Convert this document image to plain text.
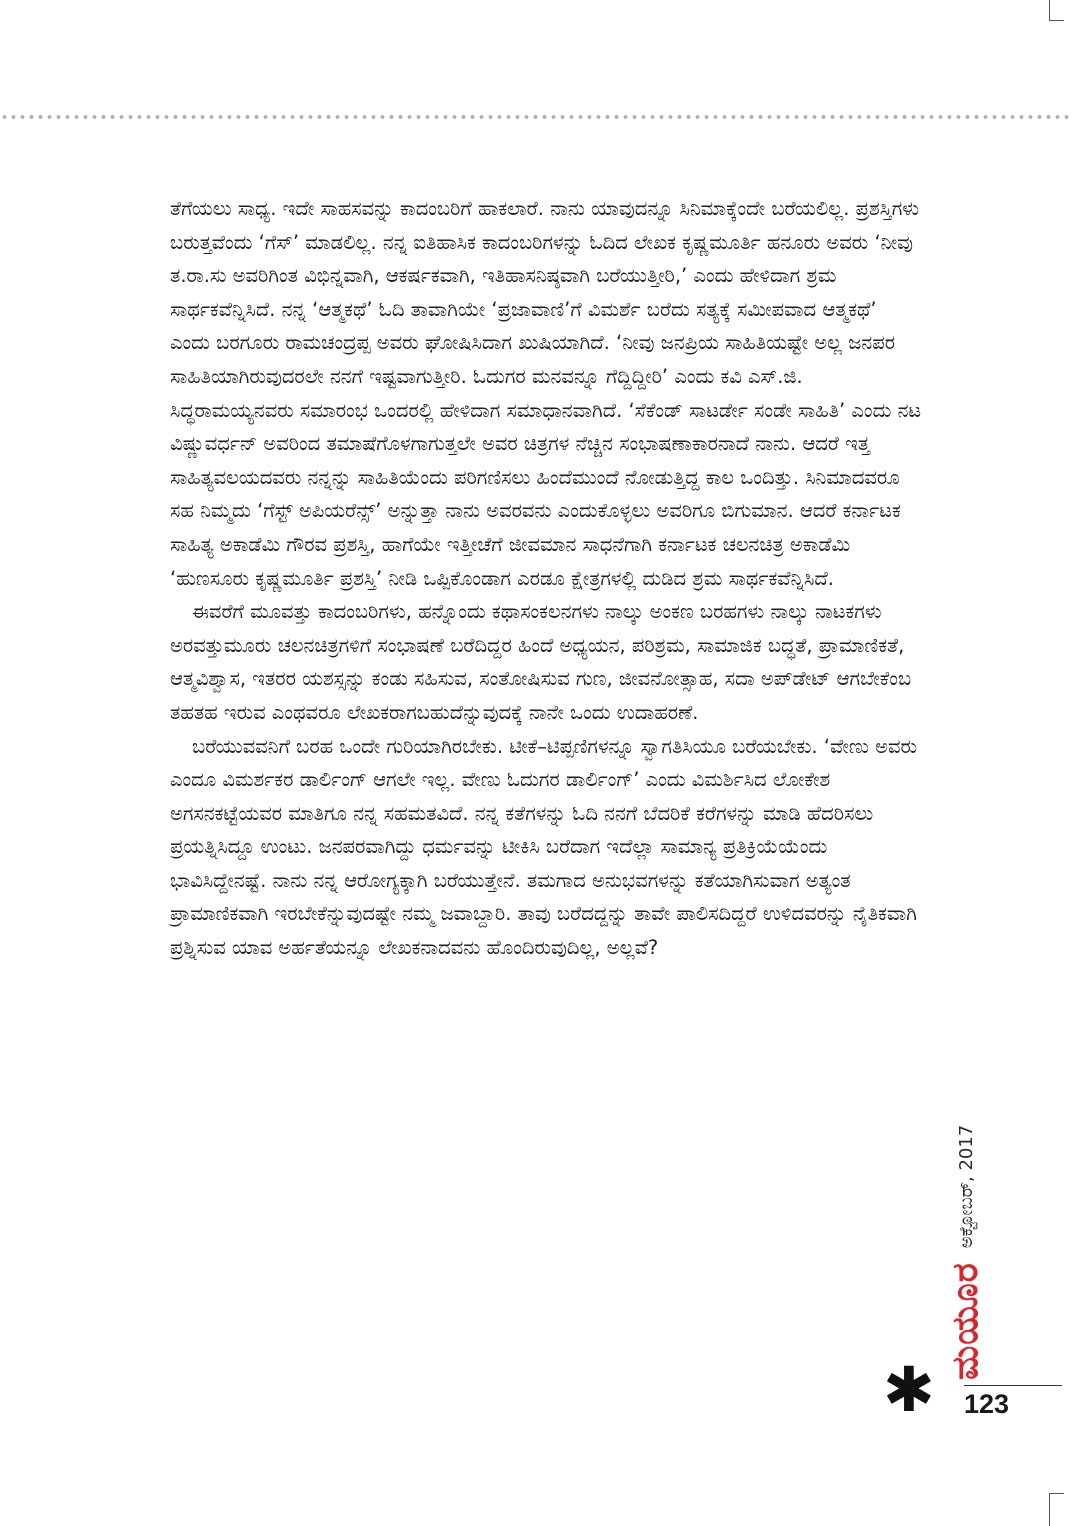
ತೆಗೆಯಲು ಸಾಧ್ಯ. ಇದೇ ಸಾಹಸವನ್ನು ಕಾದಂಬರಿಗೆ ಹಾಕಲಾರೆ. ನಾನು ಯಾವುದನ್ನೂ ಸಿನಿಮಾಕ್ಕೆಂದೇ ಬರೆಯಲಿಲ್ಲ. ಪ್ರಶಸ್ತಿಗಳು ಬರುತ್ತವೆಂದು ‘ಗೆಸ್’ ಮಾಡಲಿಲ್ಲ. ನನ್ನ ಐತಿಹಾಸಿಕ ಕಾದಂಬರಿಗಳನ್ನು ಓದಿದ ಲೇಖಕ ಕೃಷ್ಣಮೂರ್ತಿ ಹನೂರು ಅವರು ‘ನೀವು ತ.ರಾ.ಸು ಅವರಿಗಿಂತ ವಿಭಿನ್ನವಾಗಿ, ಆಕರ್ಷಕವಾಗಿ, ಇತಿಹಾಸನಿಷ್ಠವಾಗಿ ಬರೆಯುತ್ತೀರಿ,’ ಎಂದು ಹೇಳಿದಾಗ ಶ್ರಮ ಸಾರ್ಥಕವೆನ್ನಿಸಿದೆ. ನನ್ನ ‘ಆತ್ಮಕಥೆ’ ಓದಿ ತಾವಾಗಿಯೇ ‘ಪ್ರಜಾವಾಣಿ’ಗೆ ವಿಮರ್ಶೆ ಬರೆದು ಸತ್ಯಕ್ಕೆ ಸಮೀಪವಾದ ಆತ್ಮಕಥೆ’ ಎಂದು ಬರಗೂರು ರಾಮಚಂದ್ರಪ್ಪ ಅವರು ಘೋಷಿಸಿದಾಗ ಖುಷಿಯಾಗಿದೆ. ‘ನೀವು ಜನಪ್ರಿಯ ಸಾಹಿತಿಯಷ್ಟೇ ಅಲ್ಲ ಜನಪರ ಸಾಹಿತಿಯಾಗಿರುವುದರಲೇ ನನಗೆ ಇಷ್ಟವಾಗುತ್ತೀರಿ. ಓದುಗರ ಮನವನ್ನೂ ಗೆದ್ದಿದ್ದೀರಿ’ ಎಂದು ಕವಿ ಎಸ್.ಜಿ. ಸಿದ್ಧರಾಮಯ್ಯನವರು ಸಮಾರಂಭ ಒಂದರಲ್ಲಿ ಹೇಳಿದಾಗ ಸಮಾಧಾನವಾಗಿದೆ. ‘ಸೆಕೆಂಡ್ ಸಾಟರ್ಡೇ ಸಂಡೇ ಸಾಹಿತಿ’ ಎಂದು ನಟ ವಿಷ್ಣುವರ್ಧನ್ ಅವರಿಂದ ತಮಾಷೆಗೊಳಗಾಗುತ್ತಲೇ ಅವರ ಚಿತ್ರಗಳ ನೆಚ್ಚಿನ ಸಂಭಾಷಣಾಕಾರನಾದೆ ನಾನು. ಆದರೆ ಇತ್ತ ಸಾಹಿತ್ಯವಲಯದವರು ನನ್ನನ್ನು ಸಾಹಿತಿಯೆಂದು ಪರಿಗಣಿಸಲು ಹಿಂದೆಮುಂದೆ ನೋಡುತ್ತಿದ್ದ ಕಾಲ ಒಂದಿತ್ತು. ಸಿನಿಮಾದವರೂ ಸಹ ನಿಮ್ಮದು ‘ಗೆಸ್ಟ್ ಅಪಿಯರೆನ್ಸ್’ ಅನ್ನುತ್ತಾ ನಾನು ಅವರವನು ಎಂದುಕೊಳ್ಳಲು ಅವರಿಗೂ ಬಿಗುಮಾನ. ಆದರೆ ಕರ್ನಾಟಕ ಸಾಹಿತ್ಯ ಅಕಾಡೆಮಿ ಗೌರವ ಪ್ರಶಸ್ತಿ, ಹಾಗೆಯೇ ಇತ್ತೀಚೆಗೆ ಜೀವಮಾನ ಸಾಧನೆಗಾಗಿ ಕರ್ನಾಟಕ ಚಲನಚಿತ್ರ ಅಕಾಡೆಮಿ ‘ಹುಣಸೂರು ಕೃಷ್ಣಮೂರ್ತಿ ಪ್ರಶಸ್ತಿ’ ನೀಡಿ ಒಪ್ಪಿಕೊಂಡಾಗ ಎರಡೂ ಕ್ಷೇತ್ರಗಳಲ್ಲಿ ದುಡಿದ ಶ್ರಮ ಸಾರ್ಥಕವೆನ್ನಿಸಿದೆ.

ಈವರೆಗೆ ಮೂವತ್ತು ಕಾದಂಬರಿಗಳು, ಹನ್ನೊಂದು ಕಥಾಸಂಕಲನಗಳು ನಾಲ್ಕು ಅಂಕಣ ಬರಹಗಳು ನಾಲ್ಕು ನಾಟಕಗಳು ಅರವತ್ತುಮೂರು ಚಲನಚಿತ್ರಗಳಿಗೆ ಸಂಭಾಷಣೆ ಬರೆದಿದ್ದರ ಹಿಂದೆ ಅಧ್ಯಯನ, ಪರಿಶ್ರಮ, ಸಾಮಾಜಿಕ ಬದ್ಧತೆ, ಪ್ರಾಮಾಣಿಕತೆ, ಆತ್ಮವಿಶ್ವಾಸ, ಇತರರ ಯಶಸ್ಸನ್ನು ಕಂಡು ಸಹಿಸುವ, ಸಂತೋಷಿಸುವ ಗುಣ, ಜೀವನೋತ್ಸಾಹ, ಸದಾ ಅಪ್‌ಡೇಟ್ ಆಗಬೇಕೆಂಬ ತಹತಹ ಇರುವ ಎಂಥವರೂ ಲೇಖಕರಾಗಬಹುದೆನ್ನುವುದಕ್ಕೆ ನಾನೇ ಒಂದು ಉದಾಹರಣೆ.

ಬರೆಯುವವನಿಗೆ ಬರಹ ಒಂದೇ ಗುರಿಯಾಗಿರಬೇಕು. ಟೀಕೆ–ಟಿಪ್ಪಣಿಗಳನ್ನೂ ಸ್ವಾಗತಿಸಿಯೂ ಬರೆಯಬೇಕು. ‘ವೇಣು ಅವರು ಎಂದೂ ವಿಮರ್ಶಕರ ಡಾರ್ಲಿಂಗ್ ಆಗಲೇ ಇಲ್ಲ. ವೇಣು ಓದುಗರ ಡಾರ್ಲಿಂಗ್’ ಎಂದು ವಿಮರ್ಶಿಸಿದ ಲೋಕೇಶ ಅಗಸನಕಟ್ಟೆಯವರ ಮಾತಿಗೂ ನನ್ನ ಸಹಮತವಿದೆ. ನನ್ನ ಕತೆಗಳನ್ನು ಓದಿ ನನಗೆ ಬೆದರಿಕೆ ಕರೆಗಳನ್ನು ಮಾಡಿ ಹೆದರಿಸಲು ಪ್ರಯತ್ನಿಸಿದ್ದೂ ಉಂಟು. ಜನಪರವಾಗಿದ್ದು ಧರ್ಮವನ್ನು ಟೀಕಿಸಿ ಬರೆದಾಗ ಇದೆಲ್ಲಾ ಸಾಮಾನ್ಯ ಪ್ರತಿಕ್ರಿಯೆಯೆಂದು ಭಾವಿಸಿದ್ದೇನಷ್ಟೆ. ನಾನು ನನ್ನ ಆರೋಗ್ಯಕ್ಕಾಗಿ ಬರೆಯುತ್ತೇನೆ. ತಮಗಾದ ಅನುಭವಗಳನ್ನು ಕತೆಯಾಗಿಸುವಾಗ ಅತ್ಯಂತ ಪ್ರಾಮಾಣಿಕವಾಗಿ ಇರಬೇಕೆನ್ನುವುದಷ್ಟೇ ನಮ್ಮ ಜವಾಬ್ದಾರಿ. ತಾವು ಬರೆದದ್ದನ್ನು ತಾವೇ ಪಾಲಿಸದಿದ್ದರೆ ಉಳಿದವರನ್ನು ನೈತಿಕವಾಗಿ ಪ್ರಶ್ನಿಸುವ ಯಾವ ಅರ್ಹತೆಯನ್ನೂ ಲೇಖಕನಾದವನು ಹೊಂದಿರುವುದಿಲ್ಲ, ಅಲ್ಲವೆ?

ಮಯೂರ
ಅಕ್ಟೋಬರ್, 2017
✱ 123
